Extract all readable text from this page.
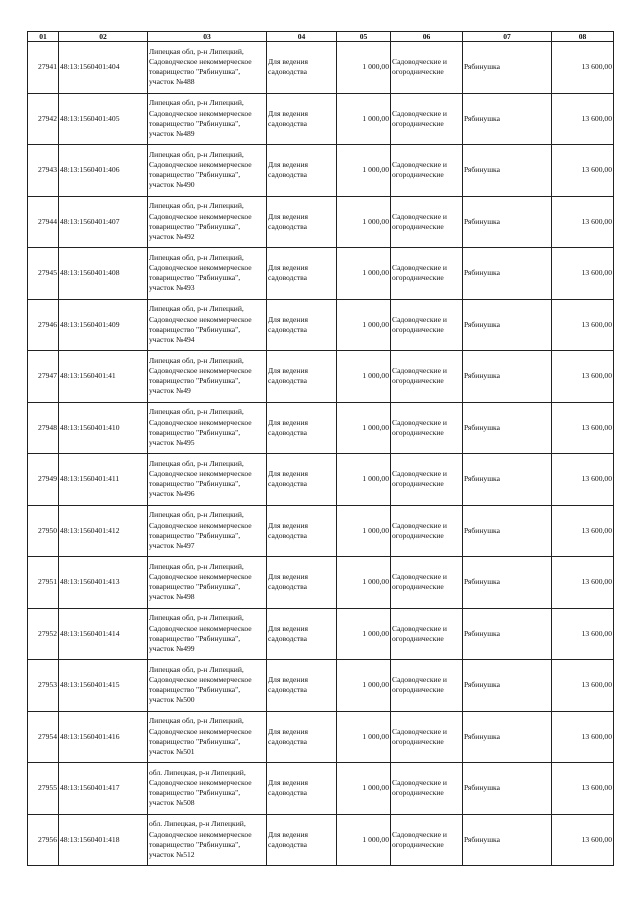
01	02	03	04	05	06	07	08
27941	48:13:1560401:404	Липецкая обл, р-н Липецкий, Садоводческое некоммерческое товарищество "Рябинушка", участок №488	Для ведения садоводства	1 000,00	Садоводческие и огороднические	Рябинушка	13 600,00
27942	48:13:1560401:405	Липецкая обл, р-н Липецкий, Садоводческое некоммерческое товарищество "Рябинушка", участок №489	Для ведения садоводства	1 000,00	Садоводческие и огороднические	Рябинушка	13 600,00
27943	48:13:1560401:406	Липецкая обл, р-н Липецкий, Садоводческое некоммерческое товарищество "Рябинушка", участок №490	Для ведения садоводства	1 000,00	Садоводческие и огороднические	Рябинушка	13 600,00
27944	48:13:1560401:407	Липецкая обл, р-н Липецкий, Садоводческое некоммерческое товарищество "Рябинушка", участок №492	Для ведения садоводства	1 000,00	Садоводческие и огороднические	Рябинушка	13 600,00
27945	48:13:1560401:408	Липецкая обл, р-н Липецкий, Садоводческое некоммерческое товарищество "Рябинушка", участок №493	Для ведения садоводства	1 000,00	Садоводческие и огороднические	Рябинушка	13 600,00
27946	48:13:1560401:409	Липецкая обл, р-н Липецкий, Садоводческое некоммерческое товарищество "Рябинушка", участок №494	Для ведения садоводства	1 000,00	Садоводческие и огороднические	Рябинушка	13 600,00
27947	48:13:1560401:41	Липецкая обл, р-н Липецкий, Садоводческое некоммерческое товарищество "Рябинушка", участок №49	Для ведения садоводства	1 000,00	Садоводческие и огороднические	Рябинушка	13 600,00
27948	48:13:1560401:410	Липецкая обл, р-н Липецкий, Садоводческое некоммерческое товарищество "Рябинушка", участок №495	Для ведения садоводства	1 000,00	Садоводческие и огороднические	Рябинушка	13 600,00
27949	48:13:1560401:411	Липецкая обл, р-н Липецкий, Садоводческое некоммерческое товарищество "Рябинушка", участок №496	Для ведения садоводства	1 000,00	Садоводческие и огороднические	Рябинушка	13 600,00
27950	48:13:1560401:412	Липецкая обл, р-н Липецкий, Садоводческое некоммерческое товарищество "Рябинушка", участок №497	Для ведения садоводства	1 000,00	Садоводческие и огороднические	Рябинушка	13 600,00
27951	48:13:1560401:413	Липецкая обл, р-н Липецкий, Садоводческое некоммерческое товарищество "Рябинушка", участок №498	Для ведения садоводства	1 000,00	Садоводческие и огороднические	Рябинушка	13 600,00
27952	48:13:1560401:414	Липецкая обл, р-н Липецкий, Садоводческое некоммерческое товарищество "Рябинушка", участок №499	Для ведения садоводства	1 000,00	Садоводческие и огороднические	Рябинушка	13 600,00
27953	48:13:1560401:415	Липецкая обл, р-н Липецкий, Садоводческое некоммерческое товарищество "Рябинушка", участок №500	Для ведения садоводства	1 000,00	Садоводческие и огороднические	Рябинушка	13 600,00
27954	48:13:1560401:416	Липецкая обл, р-н Липецкий, Садоводческое некоммерческое товарищество "Рябинушка", участок №501	Для ведения садоводства	1 000,00	Садоводческие и огороднические	Рябинушка	13 600,00
27955	48:13:1560401:417	обл. Липецкая, р-н Липецкий, Садоводческое некоммерческое товарищество "Рябинушка", участок №508	Для ведения садоводства	1 000,00	Садоводческие и огороднические	Рябинушка	13 600,00
27956	48:13:1560401:418	обл. Липецкая, р-н Липецкий, Садоводческое некоммерческое товарищество "Рябинушка", участок №512	Для ведения садоводства	1 000,00	Садоводческие и огороднические	Рябинушка	13 600,00
